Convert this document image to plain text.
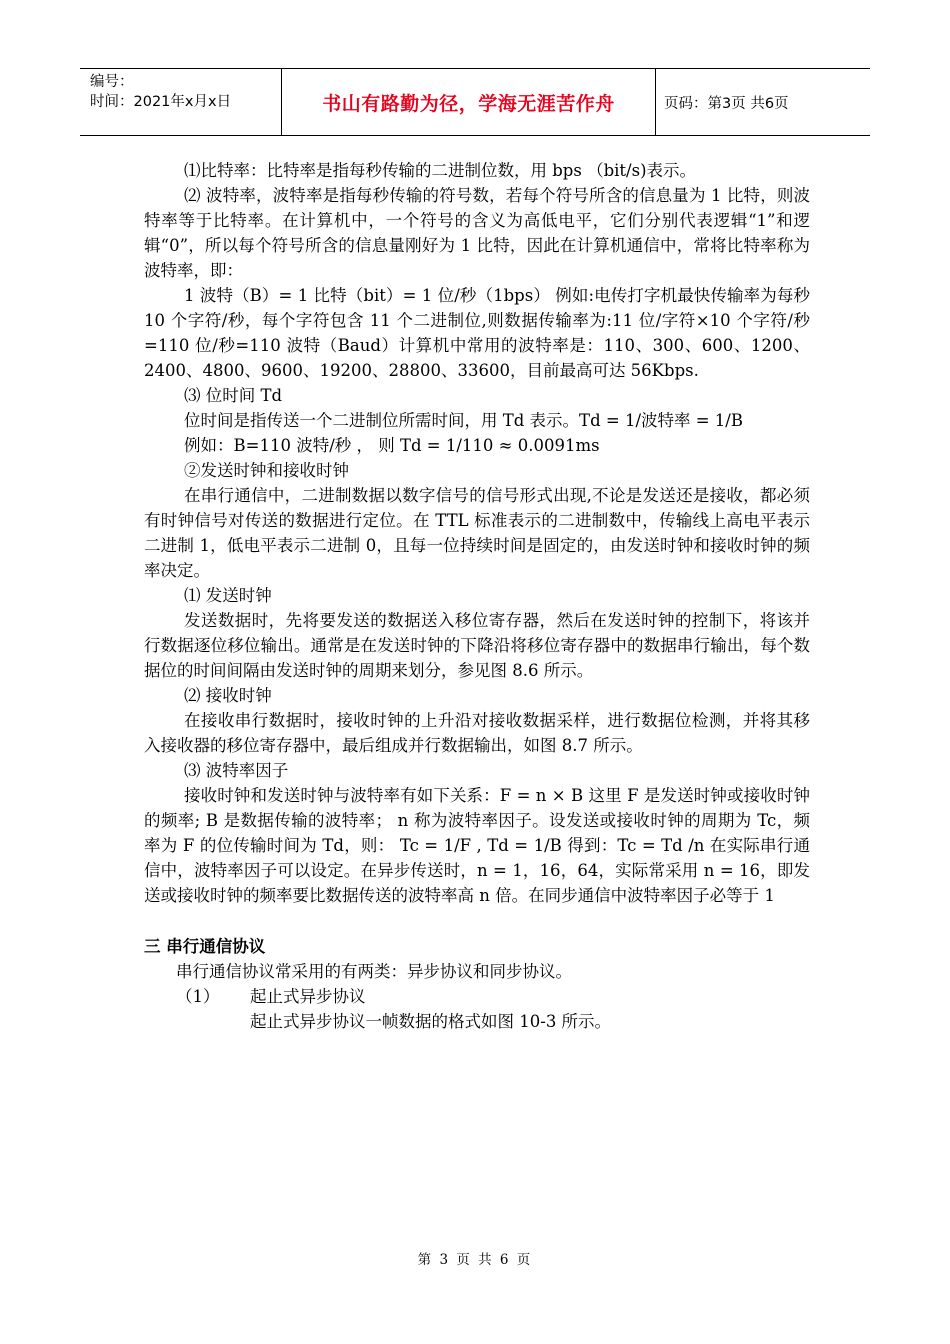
编号：
时间：2021年x月x日	书山有路勤为径，学海无涯苦作舟	页码：第3页 共6页

⑴比特率：比特率是指每秒传输的二进制位数，用 bps （bit/s)表示。

⑵ 波特率，波特率是指每秒传输的符号数，若每个符号所含的信息量为 1 比特，则波特率等于比特率。在计算机中，一个符号的含义为高低电平，它们分别代表逻辑“1”和逻辑“0”，所以每个符号所含的信息量刚好为 1 比特，因此在计算机通信中，常将比特率称为波特率，即：

1 波特（B）= 1 比特（bit）= 1 位/秒（1bps） 例如:电传打字机最快传输率为每秒 10 个字符/秒，每个字符包含 11 个二进制位,则数据传输率为:11 位/字符×10 个字符/秒=110 位/秒=110 波特（Baud）计算机中常用的波特率是：110、300、600、1200、2400、4800、9600、19200、28800、33600，目前最高可达 56Kbps.

⑶ 位时间 Td

位时间是指传送一个二进制位所需时间，用 Td 表示。Td = 1/波特率 = 1/B

例如：B=110 波特/秒 ， 则 Td = 1/110 ≈ 0.0091ms

②发送时钟和接收时钟

在串行通信中，二进制数据以数字信号的信号形式出现,不论是发送还是接收，都必须有时钟信号对传送的数据进行定位。在 TTL 标准表示的二进制数中，传输线上高电平表示二进制 1，低电平表示二进制 0，且每一位持续时间是固定的，由发送时钟和接收时钟的频率决定。

⑴ 发送时钟

发送数据时，先将要发送的数据送入移位寄存器，然后在发送时钟的控制下，将该并行数据逐位移位输出。通常是在发送时钟的下降沿将移位寄存器中的数据串行输出，每个数据位的时间间隔由发送时钟的周期来划分，参见图 8.6 所示。

⑵ 接收时钟

在接收串行数据时，接收时钟的上升沿对接收数据采样，进行数据位检测，并将其移入接收器的移位寄存器中，最后组成并行数据输出，如图 8.7 所示。

⑶ 波特率因子

接收时钟和发送时钟与波特率有如下关系：F = n × B 这里 F 是发送时钟或接收时钟的频率; B 是数据传输的波特率； n 称为波特率因子。设发送或接收时钟的周期为 Tc，频率为 F 的位传输时间为 Td，则： Tc = 1/F , Td = 1/B 得到：Tc = Td /n 在实际串行通信中，波特率因子可以设定。在异步传送时，n = 1，16，64，实际常采用 n = 16，即发送或接收时钟的频率要比数据传送的波特率高 n 倍。在同步通信中波特率因子必等于 1

三 串行通信协议

串行通信协议常采用的有两类：异步协议和同步协议。

（1）	起止式异步协议

起止式异步协议一帧数据的格式如图 10-3 所示。

第 3 页 共 6 页
